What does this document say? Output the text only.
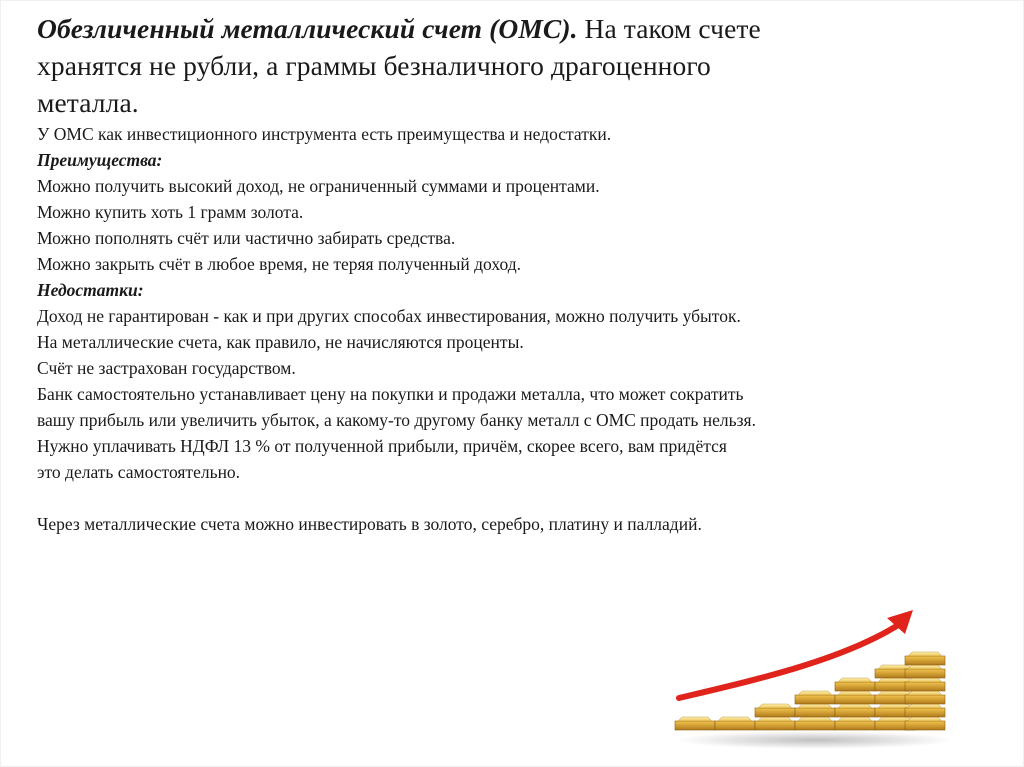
Обезличенный металлический счет (ОМС). На таком счете
хранятся не рубли, а граммы безналичного драгоценного
металла.

У ОМС как инвестиционного инструмента есть преимущества и недостатки.

Преимущества:

Можно получить высокий доход, не ограниченный суммами и процентами.

Можно купить хоть 1 грамм золота.

Можно пополнять счёт или частично забирать средства.

Можно закрыть счёт в любое время, не теряя полученный доход.

Недостатки:

Доход не гарантирован - как и при других способах инвестирования, можно получить убыток.

На металлические счета, как правило, не начисляются проценты.

Счёт не застрахован государством.

Банк самостоятельно устанавливает цену на покупки и продажи металла, что может сократить

вашу прибыль или увеличить убыток, а какому-то другому банку металл с ОМС продать нельзя.

Нужно уплачивать НДФЛ 13 % от полученной прибыли, причём, скорее всего, вам придётся

это делать самостоятельно.

Через металлические счета можно инвестировать в золото, серебро, платину и палладий.
